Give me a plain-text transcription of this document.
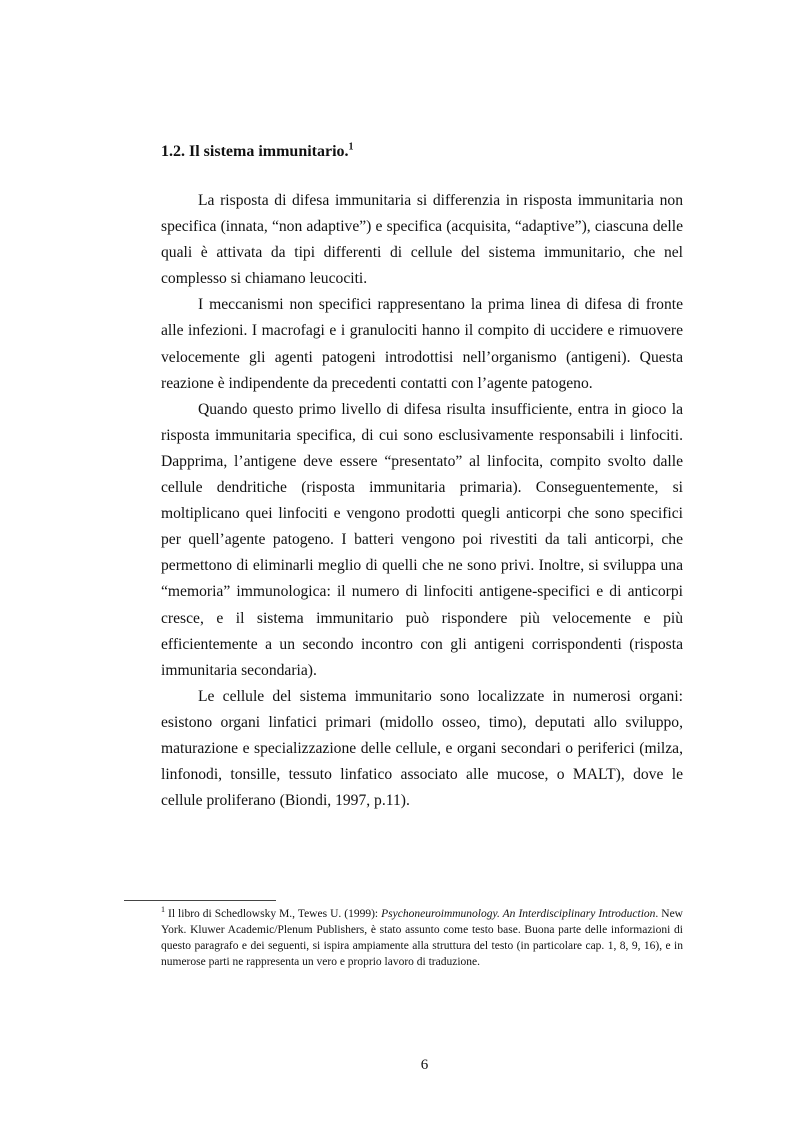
1.2. Il sistema immunitario.$^1$

La risposta di difesa immunitaria si differenzia in risposta immunitaria non specifica (innata, “non adaptive”) e specifica (acquisita, “adaptive”), ciascuna delle quali è attivata da tipi differenti di cellule del sistema immunitario, che nel complesso si chiamano leucociti.

I meccanismi non specifici rappresentano la prima linea di difesa di fronte alle infezioni. I macrofagi e i granulociti hanno il compito di uccidere e rimuovere velocemente gli agenti patogeni introdottisi nell’organismo (antigeni). Questa reazione è indipendente da precedenti contatti con l’agente patogeno.

Quando questo primo livello di difesa risulta insufficiente, entra in gioco la risposta immunitaria specifica, di cui sono esclusivamente responsabili i linfociti. Dapprima, l’antigene deve essere “presentato” al linfocita, compito svolto dalle cellule dendritiche (risposta immunitaria primaria). Conseguentemente, si moltiplicano quei linfociti e vengono prodotti quegli anticorpi che sono specifici per quell’agente patogeno. I batteri vengono poi rivestiti da tali anticorpi, che permettono di eliminarli meglio di quelli che ne sono privi. Inoltre, si sviluppa una “memoria” immunologica: il numero di linfociti antigene-specifici e di anticorpi cresce, e il sistema immunitario può rispondere più velocemente e più efficientemente a un secondo incontro con gli antigeni corrispondenti (risposta immunitaria secondaria).

Le cellule del sistema immunitario sono localizzate in numerosi organi: esistono organi linfatici primari (midollo osseo, timo), deputati allo sviluppo, maturazione e specializzazione delle cellule, e organi secondari o periferici (milza, linfonodi, tonsille, tessuto linfatico associato alle mucose, o MALT), dove le cellule proliferano (Biondi, 1997, p.11).

$^1$ Il libro di Schedlowsky M., Tewes U. (1999): Psychoneuroimmunology. An Interdisciplinary Introduction. New York. Kluwer Academic/Plenum Publishers, è stato assunto come testo base. Buona parte delle informazioni di questo paragrafo e dei seguenti, si ispira ampiamente alla struttura del testo (in particolare cap. 1, 8, 9, 16), e in numerose parti ne rappresenta un vero e proprio lavoro di traduzione.
6
